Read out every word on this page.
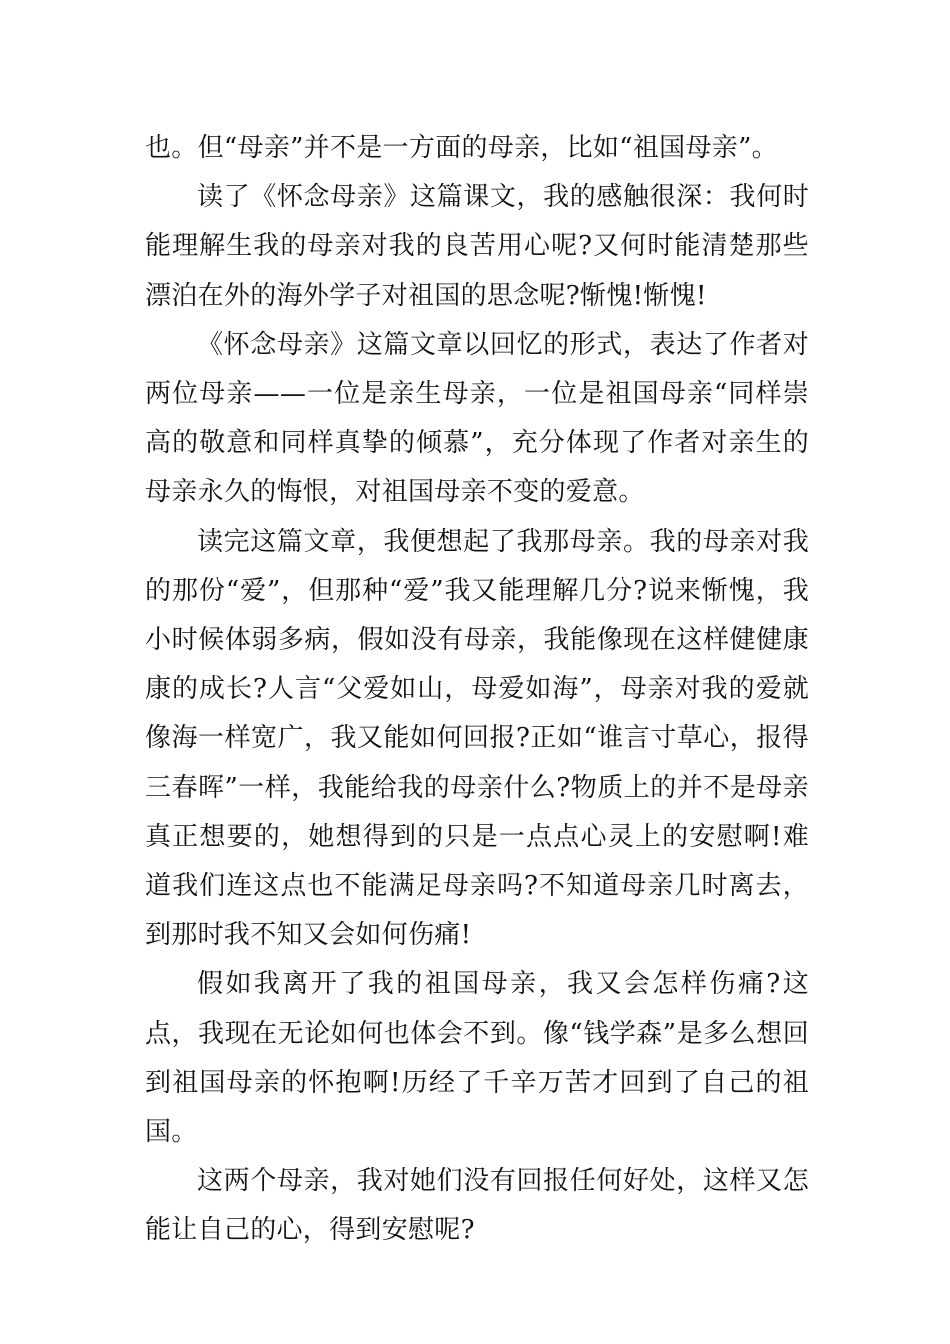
也。但“母亲”并不是一方面的母亲，比如“祖国母亲”。

读了《怀念母亲》这篇课文，我的感触很深：我何时能理解生我的母亲对我的良苦用心呢?又何时能清楚那些漂泊在外的海外学子对祖国的思念呢?惭愧!惭愧!

《怀念母亲》这篇文章以回忆的形式，表达了作者对两位母亲——一位是亲生母亲，一位是祖国母亲“同样崇高的敬意和同样真挚的倾慕”，充分体现了作者对亲生的母亲永久的悔恨，对祖国母亲不变的爱意。

读完这篇文章，我便想起了我那母亲。我的母亲对我的那份“爱”，但那种“爱”我又能理解几分?说来惭愧，我小时候体弱多病，假如没有母亲，我能像现在这样健健康康的成长?人言“父爱如山，母爱如海”，母亲对我的爱就像海一样宽广，我又能如何回报?正如“谁言寸草心，报得三春晖”一样，我能给我的母亲什么?物质上的并不是母亲真正想要的，她想得到的只是一点点心灵上的安慰啊!难道我们连这点也不能满足母亲吗?不知道母亲几时离去，到那时我不知又会如何伤痛!

假如我离开了我的祖国母亲，我又会怎样伤痛?这点，我现在无论如何也体会不到。像“钱学森”是多么想回到祖国母亲的怀抱啊!历经了千辛万苦才回到了自己的祖国。

这两个母亲，我对她们没有回报任何好处，这样又怎能让自己的心，得到安慰呢?
